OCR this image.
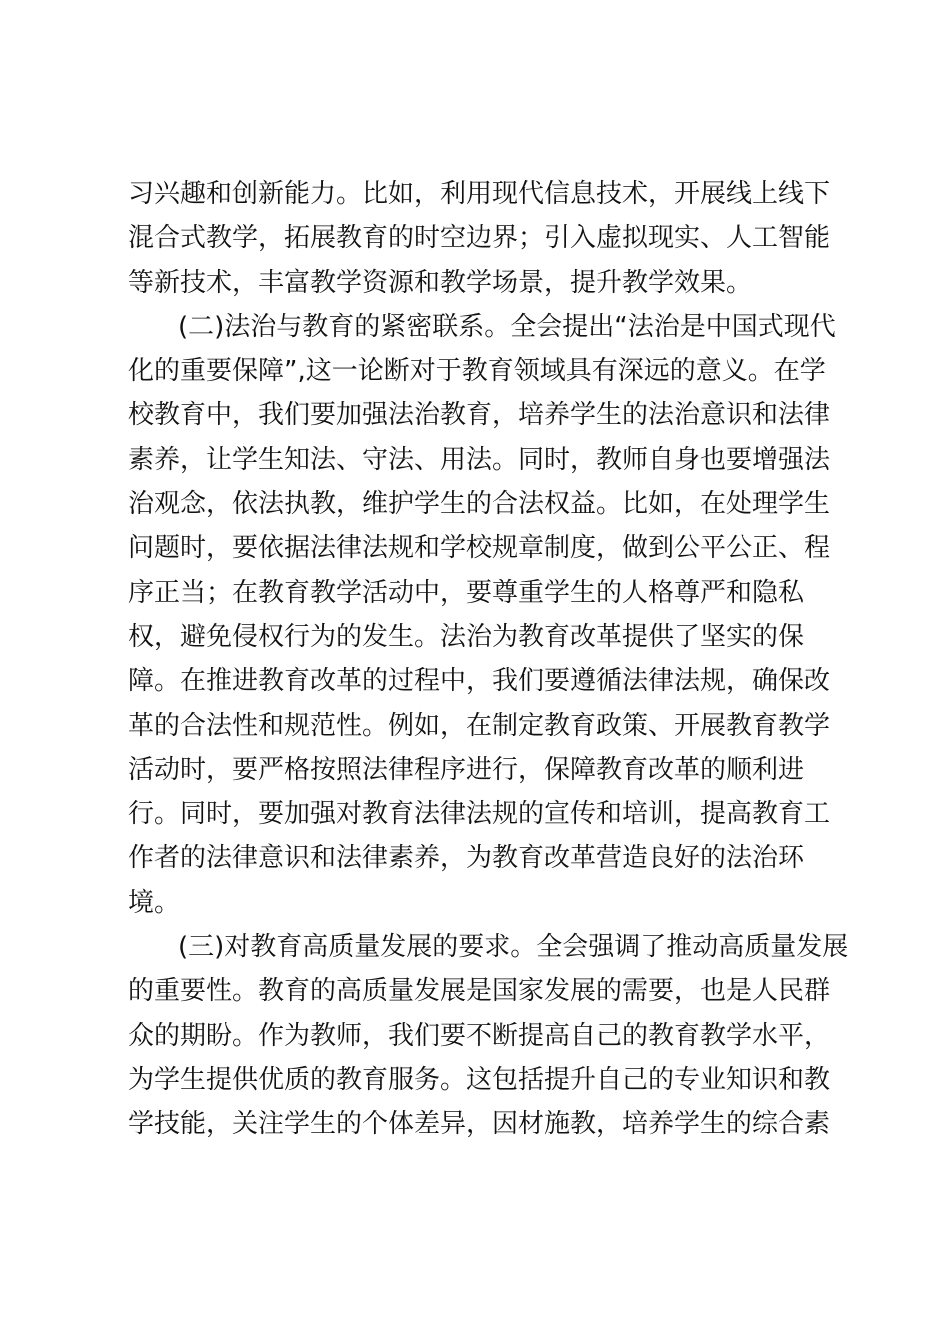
习兴趣和创新能力。比如，利用现代信息技术，开展线上线下
混合式教学，拓展教育的时空边界；引入虚拟现实、人工智能
等新技术，丰富教学资源和教学场景，提升教学效果。
(二)法治与教育的紧密联系。全会提出“法治是中国式现代
化的重要保障”,这一论断对于教育领域具有深远的意义。在学
校教育中，我们要加强法治教育，培养学生的法治意识和法律
素养，让学生知法、守法、用法。同时，教师自身也要增强法
治观念，依法执教，维护学生的合法权益。比如，在处理学生
问题时，要依据法律法规和学校规章制度，做到公平公正、程
序正当；在教育教学活动中，要尊重学生的人格尊严和隐私
权，避免侵权行为的发生。法治为教育改革提供了坚实的保
障。在推进教育改革的过程中，我们要遵循法律法规，确保改
革的合法性和规范性。例如，在制定教育政策、开展教育教学
活动时，要严格按照法律程序进行，保障教育改革的顺利进
行。同时，要加强对教育法律法规的宣传和培训，提高教育工
作者的法律意识和法律素养，为教育改革营造良好的法治环
境。
(三)对教育高质量发展的要求。全会强调了推动高质量发展
的重要性。教育的高质量发展是国家发展的需要，也是人民群
众的期盼。作为教师，我们要不断提高自己的教育教学水平，
为学生提供优质的教育服务。这包括提升自己的专业知识和教
学技能，关注学生的个体差异，因材施教，培养学生的综合素
